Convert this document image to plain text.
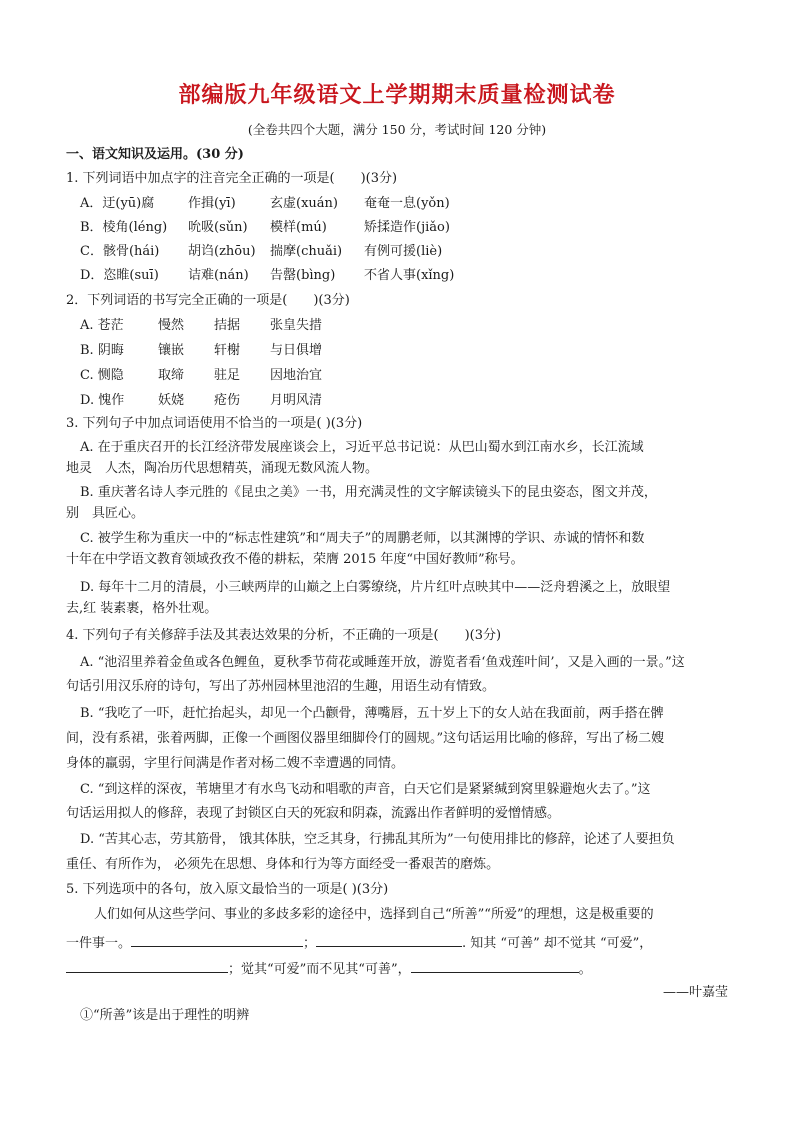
部编版九年级语文上学期期末质量检测试卷
(全卷共四个大题，满分 150 分，考试时间 120 分钟)
一、语文知识及运用。(30 分)
1. 下列词语中加点字的注音完全正确的一项是(　　)(3分)
A．迂(yū)腐	作揖(yī)	玄虚(xuán) 奄奄一息(yǒn)
B．棱角(léng) 吮吸(sǔn) 模样(mú)	矫揉造作(jiǎo)
C．骸骨(hái) 胡诌(zhōu) 揣摩(chuǎi) 有例可援(liè)
D．恣睢(suī) 诘难(nán) 告罄(bìng) 不省人事(xǐng)
2．下列词语的书写完全正确的一项是(　　)(3分)
A. 苍茫	慢然 拮据 张皇失措
B. 阴晦	镶嵌 轩榭 与日俱增
C. 恻隐	取缔 驻足 因地治宜
D. 愧作	妖娆 疮伤 月明风清
3. 下列句子中加点词语使用不恰当的一项是( )(3分)
A. 在于重庆召开的长江经济带发展座谈会上，习近平总书记说：从巴山蜀水到江南水乡，长江流域
地灵　人杰，陶冶历代思想精英，涌现无数风流人物。
B. 重庆著名诗人李元胜的《昆虫之美》一书，用充满灵性的文字解读镜头下的昆虫姿态，图文并茂，
别　具匠心。
C. 被学生称为重庆一中的“标志性建筑”和“周夫子”的周鹏老师，以其渊博的学识、赤诚的情怀和数
十年在中学语文教育领域孜孜不倦的耕耘，荣膺 2015 年度“中国好教师”称号。
D. 每年十二月的清晨，小三峡两岸的山巅之上白雾缭绕，片片红叶点映其中——泛舟碧溪之上，放眼望
去,红 装素裹，格外壮观。
4. 下列句子有关修辞手法及其表达效果的分析，不正确的一项是(　　)(3分)
A. “池沼里养着金鱼或各色鲤鱼，夏秋季节荷花或睡莲开放，游览者看‘鱼戏莲叶间’，又是入画的一景。”这
句话引用汉乐府的诗句，写出了苏州园林里池沼的生趣，用语生动有情致。
B. “我吃了一吓，赶忙抬起头，却见一个凸颧骨，薄嘴唇，五十岁上下的女人站在我面前，两手搭在髀
间，没有系裙，张着两脚，正像一个画图仪器里细脚伶仃的圆规。”这句话运用比喻的修辞，写出了杨二嫂
身体的羸弱，字里行间满是作者对杨二嫂不幸遭遇的同情。
C. “到这样的深夜，苇塘里才有水鸟飞动和唱歌的声音，白天它们是紧紧缄到窝里躲避炮火去了。”这
句话运用拟人的修辞，表现了封锁区白天的死寂和阴森，流露出作者鲜明的爱憎情感。
D. “苦其心志，劳其筋骨， 饿其体肤，空乏其身，行拂乱其所为”一句使用排比的修辞，论述了人要担负
重任、有所作为， 必须先在思想、身体和行为等方面经受一番艰苦的磨炼。
5. 下列选项中的各句，放入原文最恰当的一项是( )(3分)
人们如何从这些学问、事业的多歧多彩的途径中，选择到自己“所善”“所爱”的理想，这是极重要的
一件事一。	；	. 知其 “可善” 却不觉其 “可爱”，
；觉其“可爱”而不见其“可善”，	。
——叶嘉莹
①“所善”该是出于理性的明辨
